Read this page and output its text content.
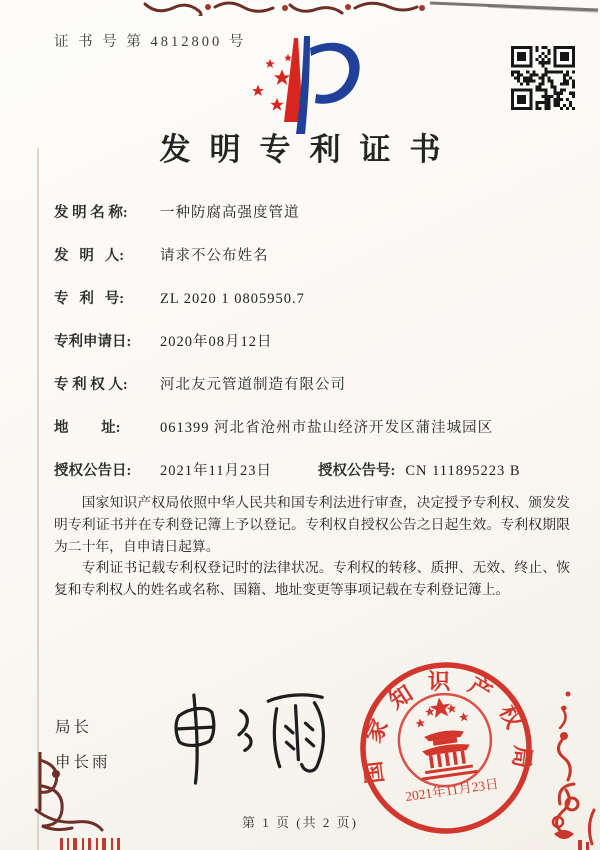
证 书 号 第 4812800 号
发明专利证书
发 明 名 称:	一种防腐高强度管道
发   明   人:	请求不公布姓名
专   利   号:	ZL 2020 1 0805950.7
专利申请日:	2020年08月12日
专 利 权 人:	河北友元管道制造有限公司
地         址:	061399 河北省沧州市盐山经济开发区蒲洼城园区
授权公告日:	2021年11月23日	授权公告号: CN 111895223 B

国家知识产权局依照中华人民共和国专利法进行审查，决定授予专利权、颁发发明专利证书并在专利登记簿上予以登记。专利权自授权公告之日起生效。专利权期限为二十年，自申请日起算。

专利证书记载专利权登记时的法律状况。专利权的转移、质押、无效、终止、恢复和专利权人的姓名或名称、国籍、地址变更等事项记载在专利登记簿上。

局长
申长雨	国家知识产权局
2021年11月23日
第 1 页 (共 2 页)
